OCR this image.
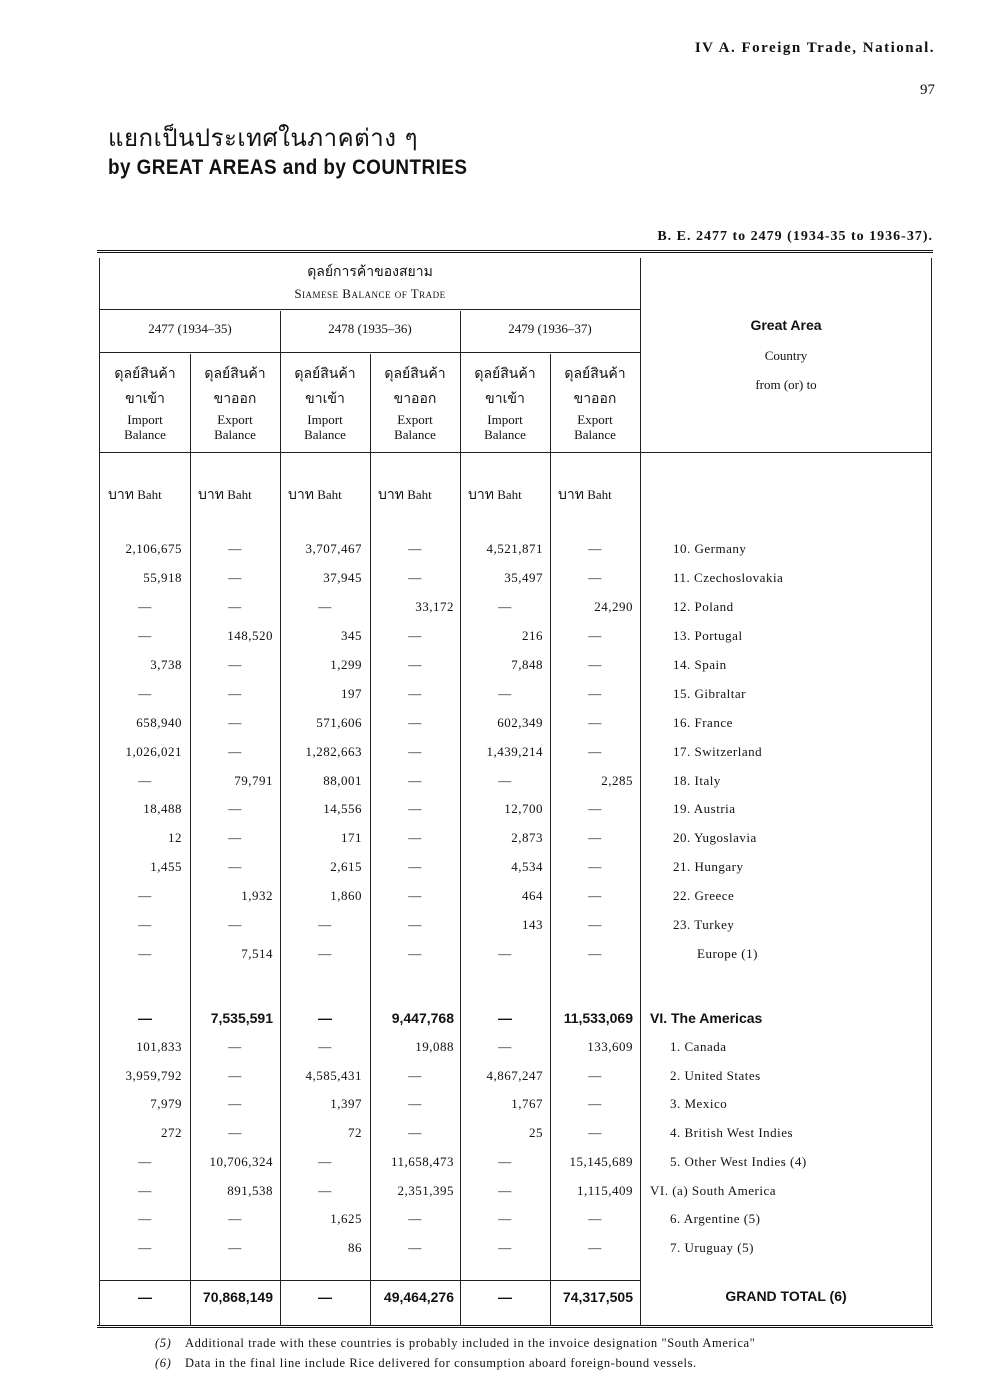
IV A. Foreign Trade, National.
97
แยกเป็นประเทศในภาคต่าง ๆ
by GREAT AREAS and by COUNTRIES
B. E. 2477 to 2479 (1934-35 to 1936-37).
ดุลย์การค้าของสยาม
Siamese Balance of Trade
2477 (1934–35)	2478 (1935–36)	2479 (1936–37)	Great Area
Country
from (or) to
ดุลย์สินค้า
ขาเข้า
Import
Balance
บาท Baht
ดุลย์สินค้า
ขาออก
Export
Balance
บาท Baht
ดุลย์สินค้า
ขาเข้า
Import
Balance
บาท Baht
ดุลย์สินค้า
ขาออก
Export
Balance
บาท Baht
ดุลย์สินค้า
ขาเข้า
Import
Balance
บาท Baht
ดุลย์สินค้า
ขาออก
Export
Balance
บาท Baht
2,106,675	—	3,707,467	—	4,521,871	—	10. Germany
55,918	—	37,945	—	35,497	—	11. Czechoslovakia
—	—	—	33,172	—	24,290	12. Poland
—	148,520	345	—	216	—	13. Portugal
3,738	—	1,299	—	7,848	—	14. Spain
—	—	197	—	—	—	15. Gibraltar
658,940	—	571,606	—	602,349	—	16. France
1,026,021	—	1,282,663	—	1,439,214	—	17. Switzerland
—	79,791	88,001	—	—	2,285	18. Italy
18,488	—	14,556	—	12,700	—	19. Austria
12	—	171	—	2,873	—	20. Yugoslavia
1,455	—	2,615	—	4,534	—	21. Hungary
—	1,932	1,860	—	464	—	22. Greece
—	—	—	—	143	—	23. Turkey
—	7,514	—	—	—	—	Europe (1)
—	7,535,591	—	9,447,768	—	11,533,069 VI. The Americas
101,833	—	—	19,088	—	133,609	1. Canada
3,959,792	—	4,585,431	—	4,867,247	—	2. United States
7,979	—	1,397	—	1,767	—	3. Mexico
272	—	72	—	25	—	4. British West Indies
—	10,706,324	—	11,658,473	—	15,145,689	5. Other West Indies (4)
—	891,538	—	2,351,395	—	1,115,409 VI. (a) South America
—	—	1,625	—	—	—	6. Argentine (5)
—	—	86	—	—	—	7. Uruguay (5)
—	70,868,149	—	49,464,276	—	74,317,505	GRAND TOTAL (6)
(5) Additional trade with these countries is probably included in the invoice designation "South America"
(6) Data in the final line include Rice delivered for consumption aboard foreign-bound vessels.
